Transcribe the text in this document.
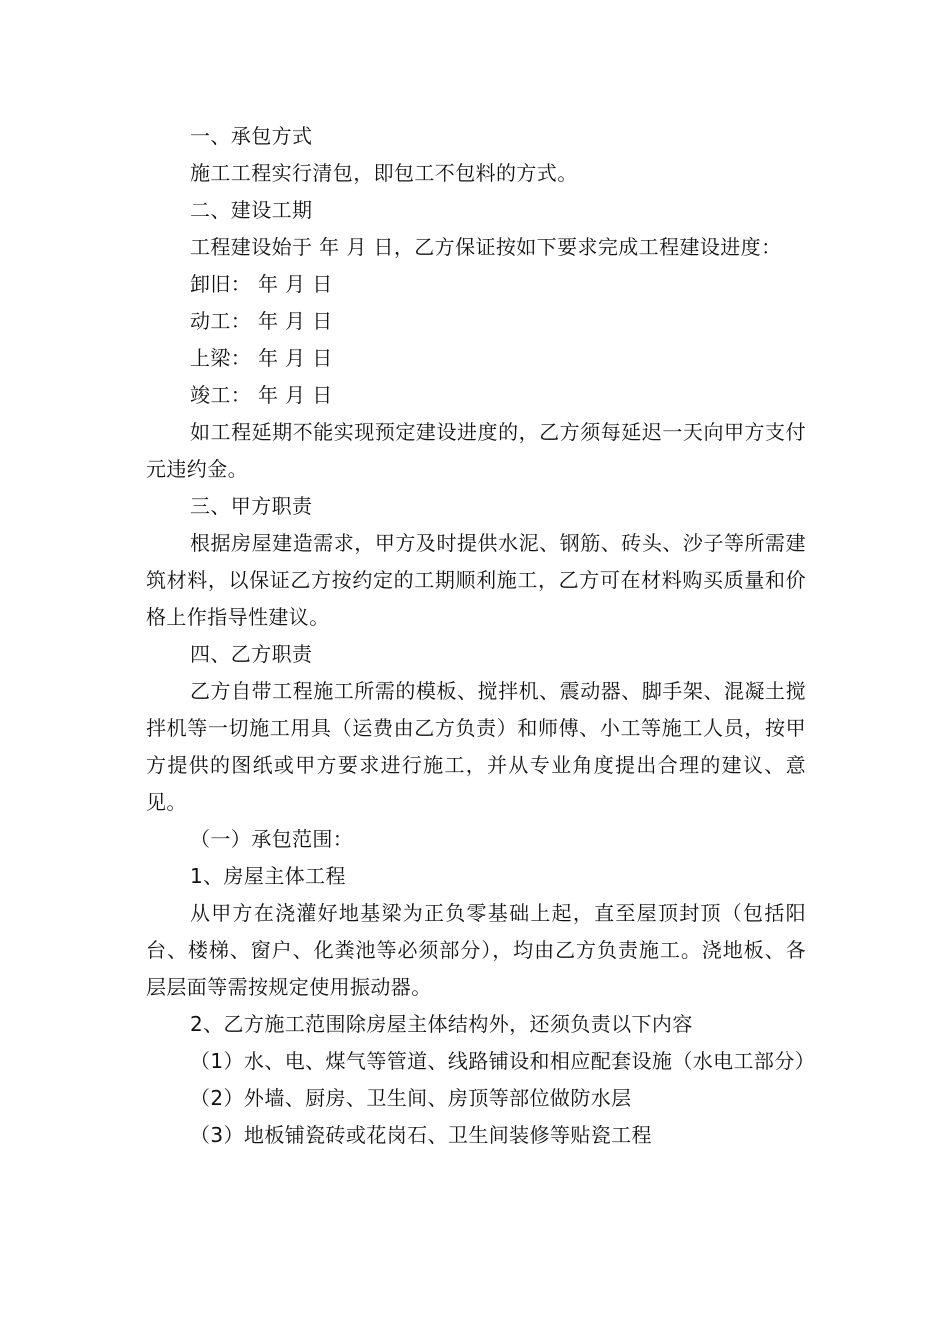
一、承包方式

施工工程实行清包，即包工不包料的方式。

二、建设工期

工程建设始于 年 月 日，乙方保证按如下要求完成工程建设进度：

卸旧： 年 月 日

动工： 年 月 日

上梁： 年 月 日

竣工： 年 月 日

如工程延期不能实现预定建设进度的，乙方须每延迟一天向甲方支付元违约金。

三、甲方职责

根据房屋建造需求，甲方及时提供水泥、钢筋、砖头、沙子等所需建筑材料，以保证乙方按约定的工期顺利施工，乙方可在材料购买质量和价格上作指导性建议。

四、乙方职责

乙方自带工程施工所需的模板、搅拌机、震动器、脚手架、混凝土搅拌机等一切施工用具（运费由乙方负责）和师傅、小工等施工人员，按甲方提供的图纸或甲方要求进行施工，并从专业角度提出合理的建议、意见。

（一）承包范围：

1、房屋主体工程

从甲方在浇灌好地基梁为正负零基础上起，直至屋顶封顶（包括阳台、楼梯、窗户、化粪池等必须部分），均由乙方负责施工。浇地板、各层层面等需按规定使用振动器。

2、乙方施工范围除房屋主体结构外，还须负责以下内容

（1）水、电、煤气等管道、线路铺设和相应配套设施（水电工部分）

（2）外墙、厨房、卫生间、房顶等部位做防水层

（3）地板铺瓷砖或花岗石、卫生间装修等贴瓷工程
